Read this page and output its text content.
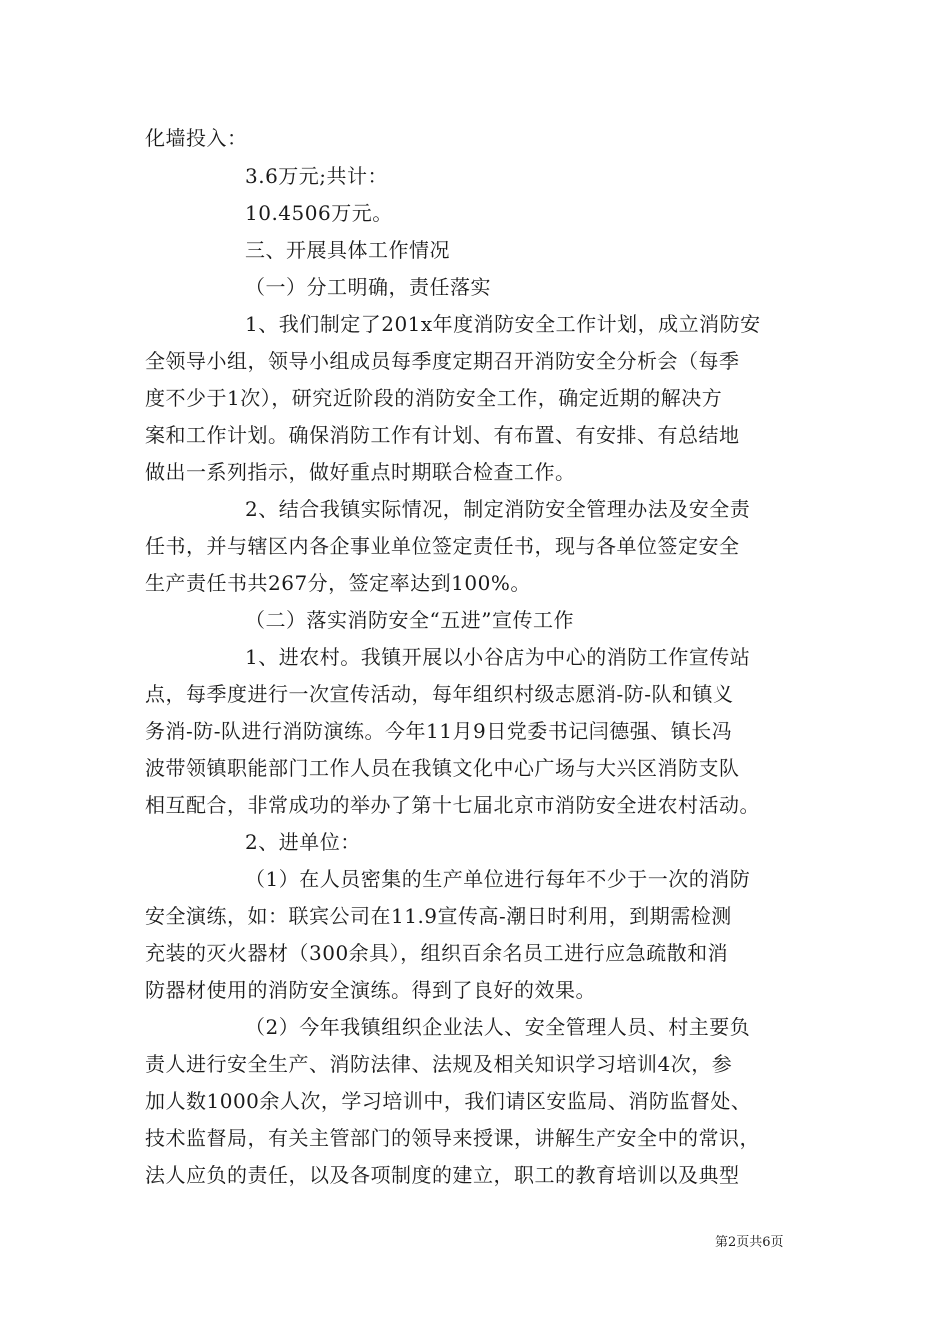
化墙投入：
3.6万元;共计：
10.4506万元。
三、开展具体工作情况
（一）分工明确，责任落实
1、我们制定了201x年度消防安全工作计划，成立消防安
全领导小组，领导小组成员每季度定期召开消防安全分析会（每季
度不少于1次），研究近阶段的消防安全工作，确定近期的解决方
案和工作计划。确保消防工作有计划、有布置、有安排、有总结地
做出一系列指示，做好重点时期联合检查工作。
2、结合我镇实际情况，制定消防安全管理办法及安全责
任书，并与辖区内各企事业单位签定责任书，现与各单位签定安全
生产责任书共267分，签定率达到100%。
（二）落实消防安全“五进”宣传工作
1、进农村。我镇开展以小谷店为中心的消防工作宣传站
点，每季度进行一次宣传活动，每年组织村级志愿消-防-队和镇义
务消-防-队进行消防演练。今年11月9日党委书记闫德强、镇长冯
波带领镇职能部门工作人员在我镇文化中心广场与大兴区消防支队
相互配合，非常成功的举办了第十七届北京市消防安全进农村活动。
2、进单位：
（1）在人员密集的生产单位进行每年不少于一次的消防
安全演练，如：联宾公司在11.9宣传高-潮日时利用，到期需检测
充装的灭火器材（300余具），组织百余名员工进行应急疏散和消
防器材使用的消防安全演练。得到了良好的效果。
（2）今年我镇组织企业法人、安全管理人员、村主要负
责人进行安全生产、消防法律、法规及相关知识学习培训4次，参
加人数1000余人次，学习培训中，我们请区安监局、消防监督处、
技术监督局，有关主管部门的领导来授课，讲解生产安全中的常识，
法人应负的责任，以及各项制度的建立，职工的教育培训以及典型
第2页共6页
